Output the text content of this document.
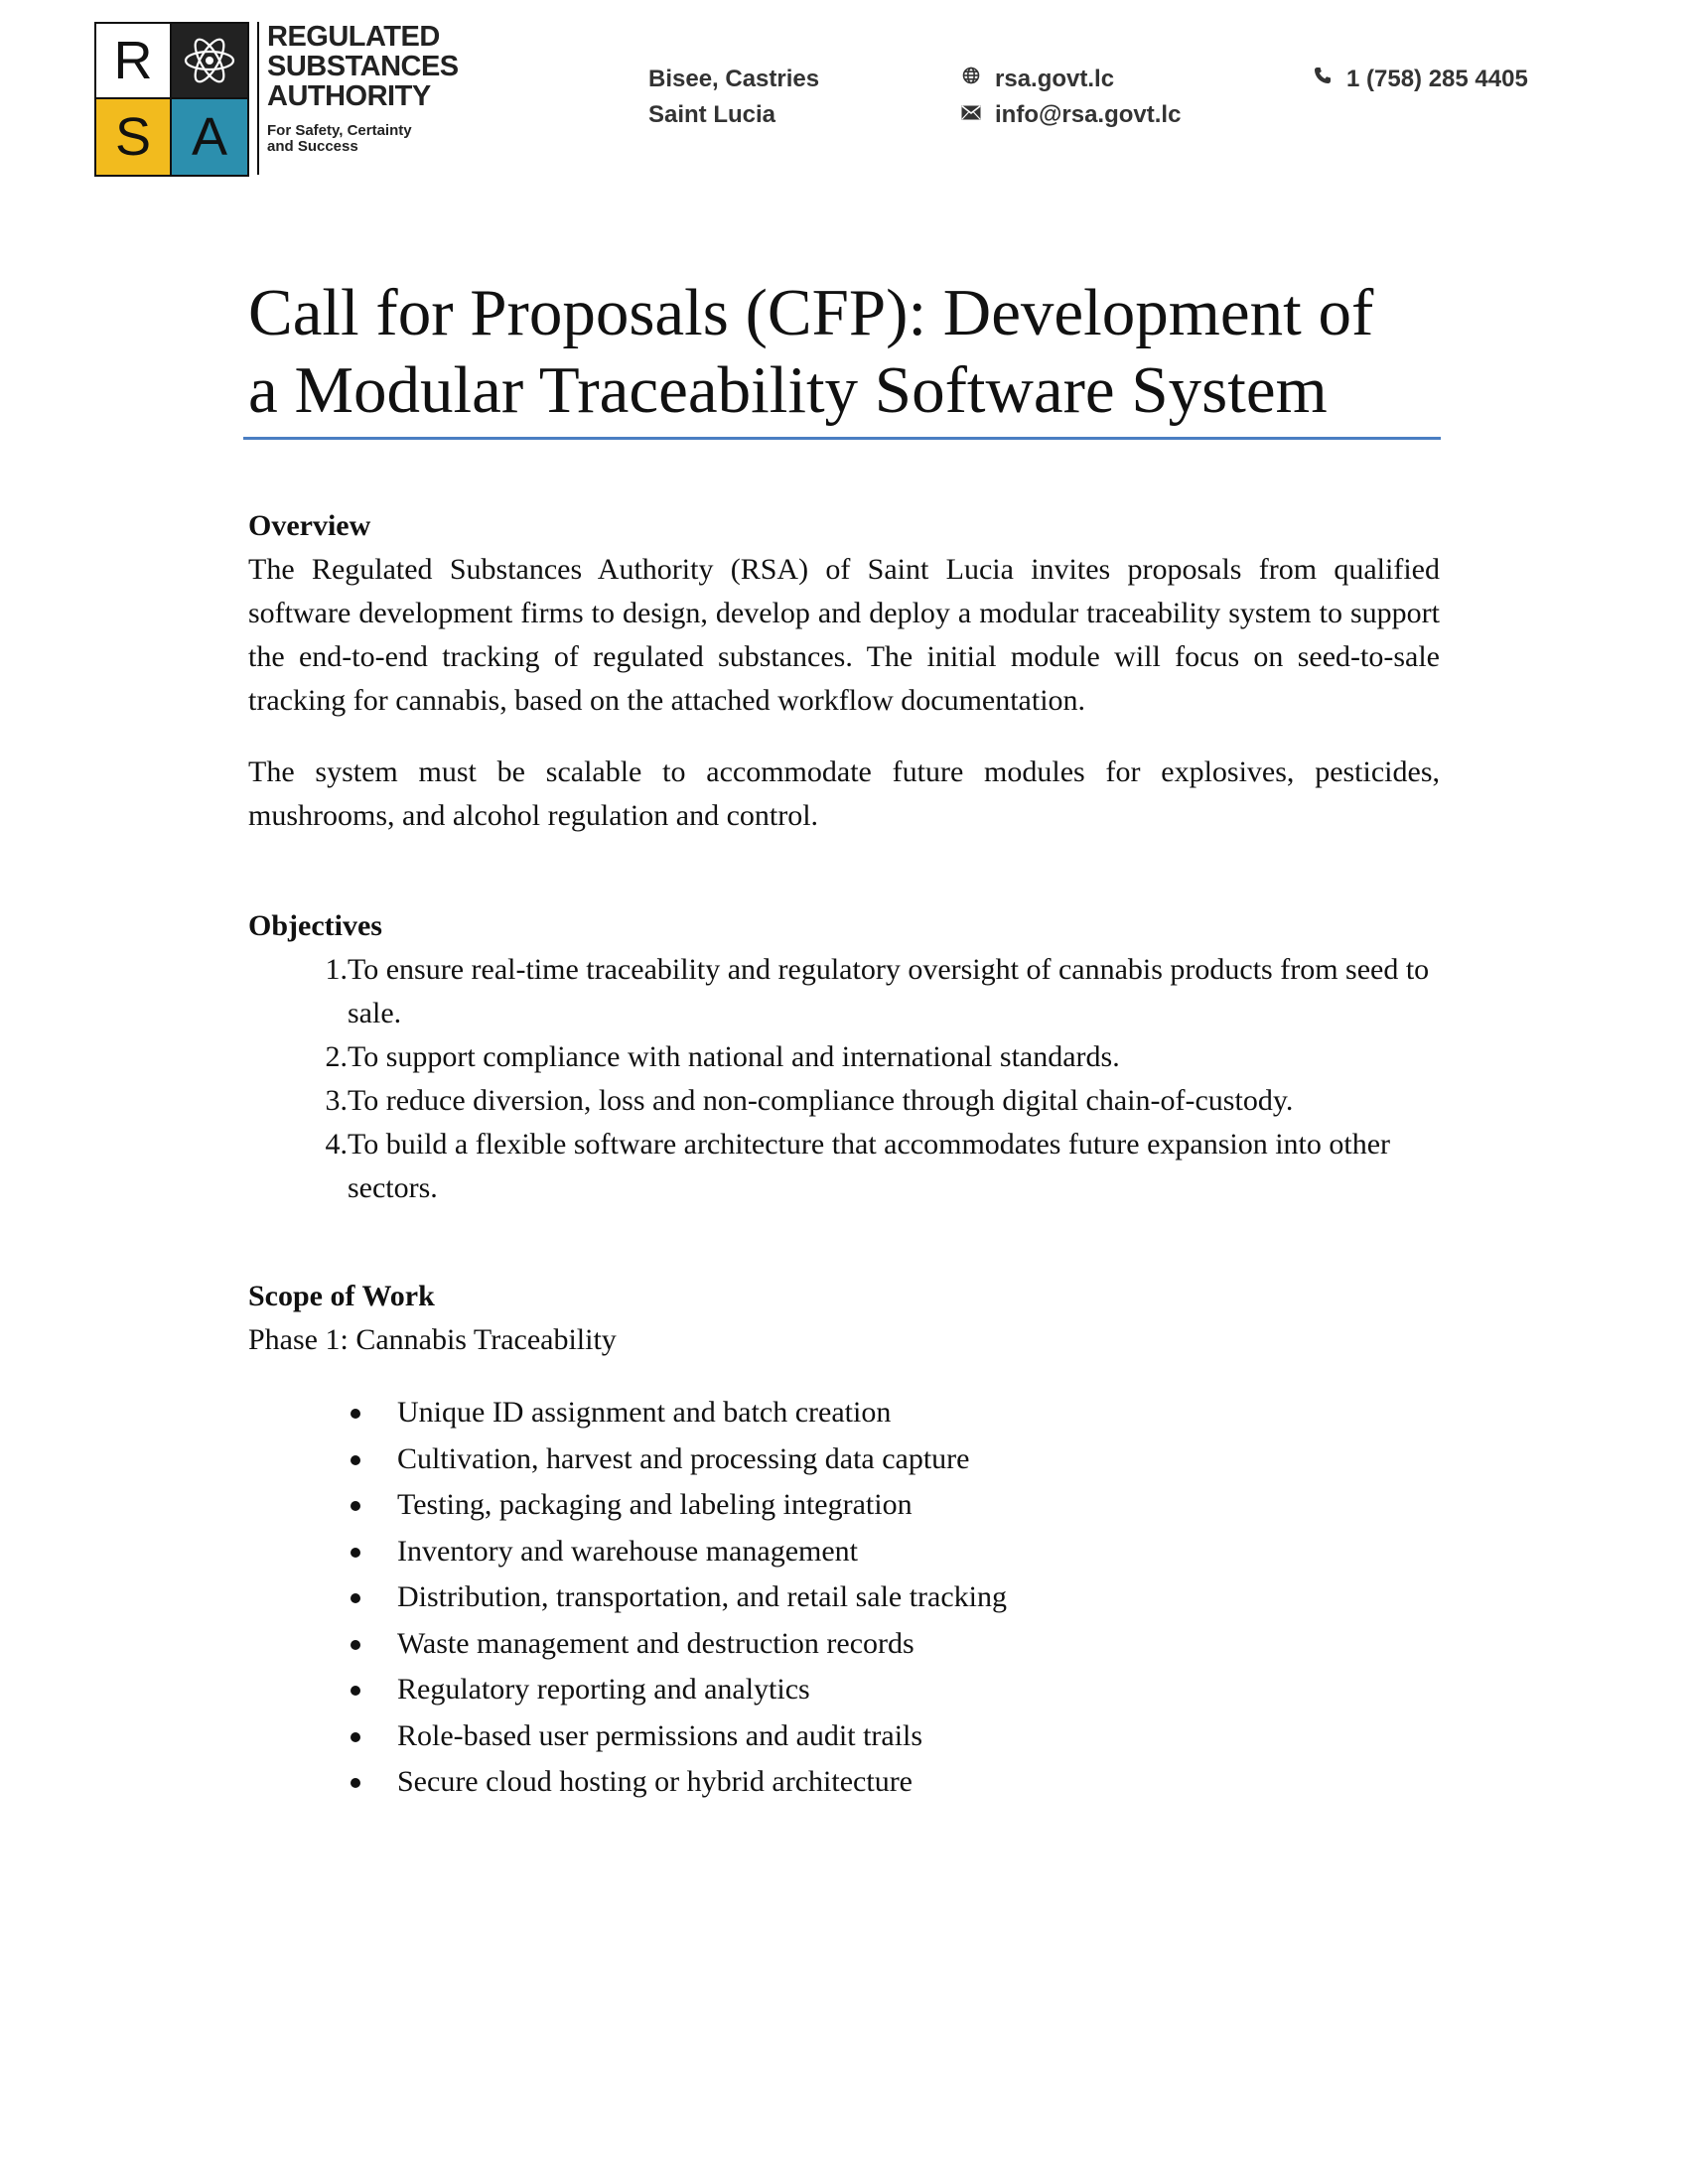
R
S A
REGULATED
SUBSTANCES
AUTHORITY
For Safety, Certainty
and Success
Bisee, Castries
Saint Lucia
rsa.govt.lc
info@rsa.govt.lc
1 (758) 285 4405
Call for Proposals (CFP): Development of
a Modular Traceability Software System
Overview

The Regulated Substances Authority (RSA) of Saint Lucia invites proposals from qualified software development firms to design, develop and deploy a modular traceability system to support the end-to-end tracking of regulated substances. The initial module will focus on seed-to-sale tracking for cannabis, based on the attached workflow documentation.

The system must be scalable to accommodate future modules for explosives, pesticides, mushrooms, and alcohol regulation and control.

Objectives
1. To ensure real-time traceability and regulatory oversight of cannabis products from seed to sale.
2. To support compliance with national and international standards.
3. To reduce diversion, loss and non-compliance through digital chain-of-custody.
4. To build a flexible software architecture that accommodates future expansion into other sectors.
Scope of Work
Phase 1: Cannabis Traceability
Unique ID assignment and batch creation
Cultivation, harvest and processing data capture
Testing, packaging and labeling integration
Inventory and warehouse management
Distribution, transportation, and retail sale tracking
Waste management and destruction records
Regulatory reporting and analytics
Role-based user permissions and audit trails
Secure cloud hosting or hybrid architecture
